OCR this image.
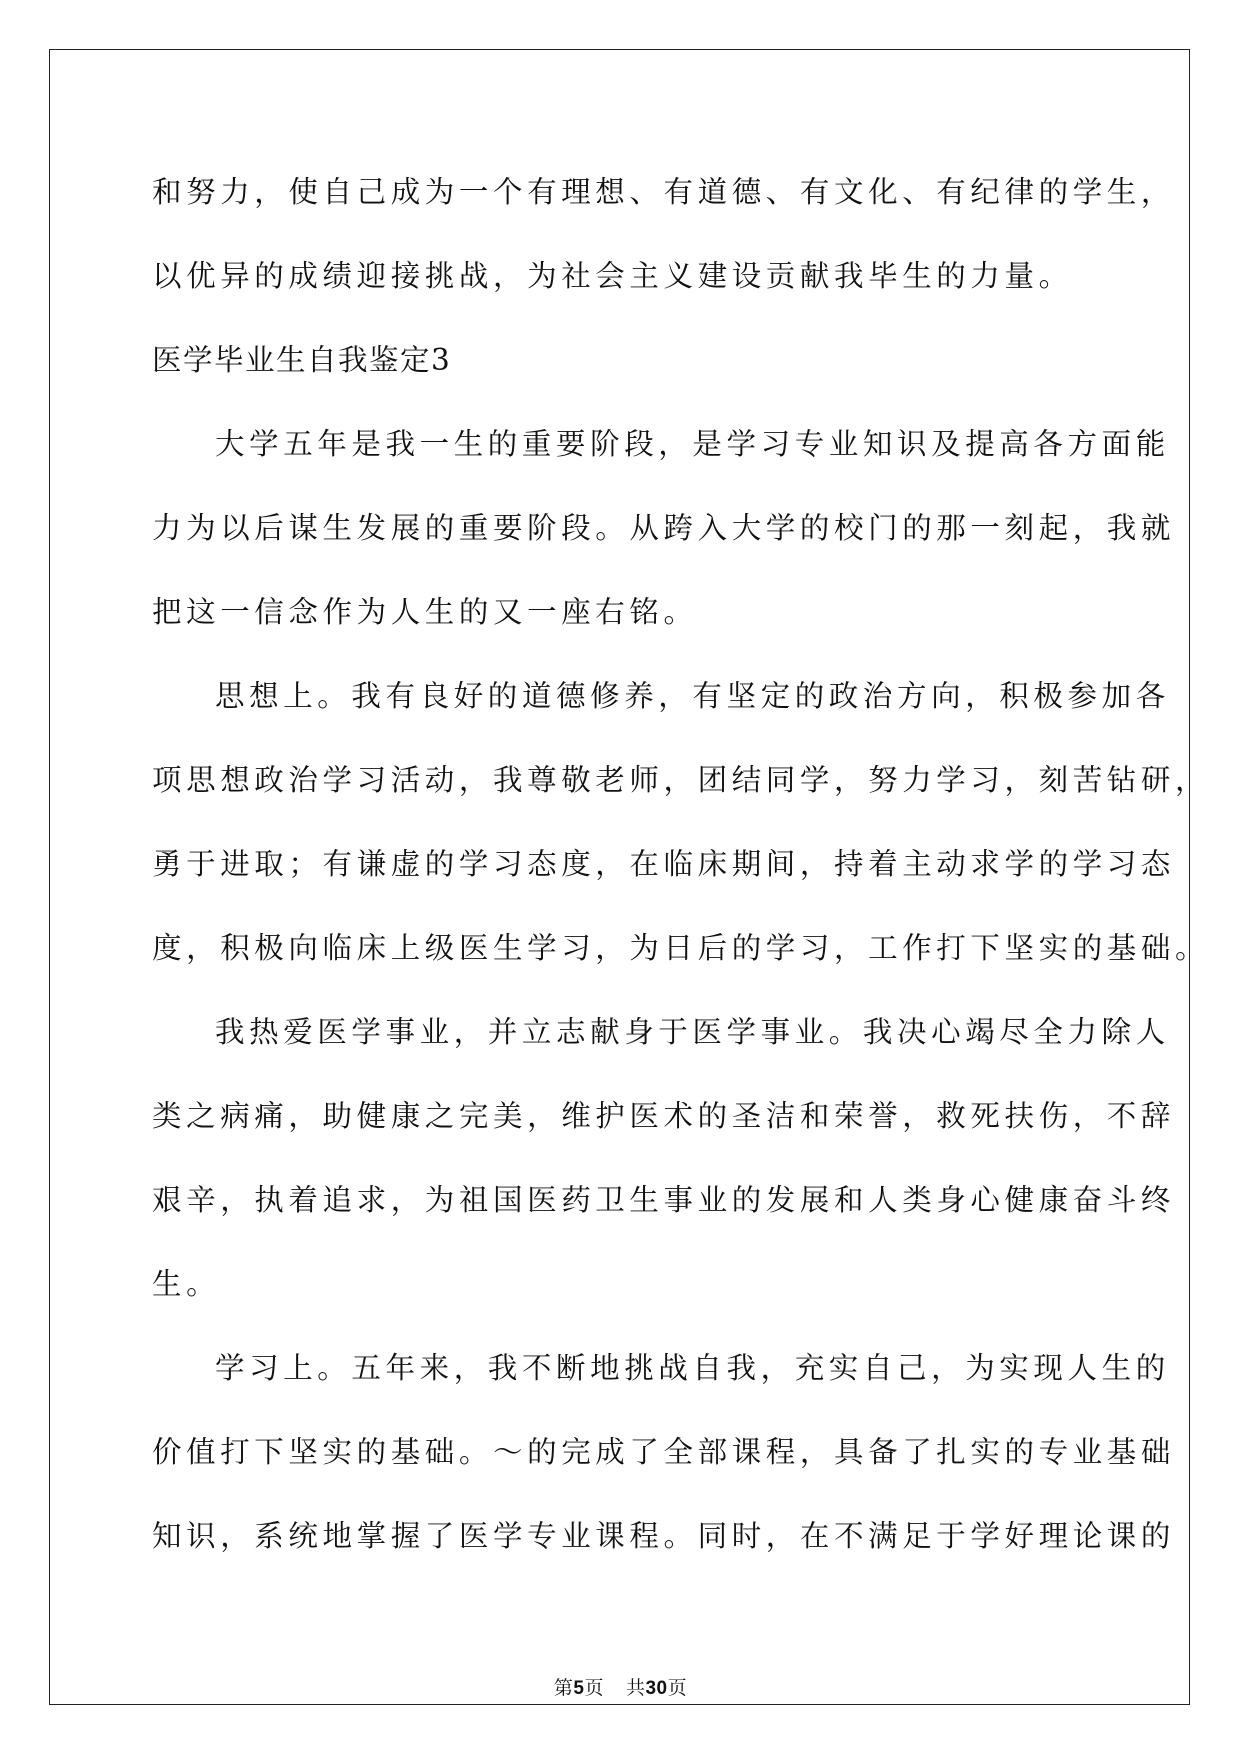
和努力，使自己成为一个有理想、有道德、有文化、有纪律的学生，
以优异的成绩迎接挑战，为社会主义建设贡献我毕生的力量。
医学毕业生自我鉴定3
大学五年是我一生的重要阶段，是学习专业知识及提高各方面能
力为以后谋生发展的重要阶段。从跨入大学的校门的那一刻起，我就
把这一信念作为人生的又一座右铭。
思想上。我有良好的道德修养，有坚定的政治方向，积极参加各
项思想政治学习活动，我尊敬老师，团结同学，努力学习，刻苦钻研，
勇于进取；有谦虚的学习态度，在临床期间，持着主动求学的学习态
度，积极向临床上级医生学习，为日后的学习，工作打下坚实的基础。
我热爱医学事业，并立志献身于医学事业。我决心竭尽全力除人
类之病痛，助健康之完美，维护医术的圣洁和荣誉，救死扶伤，不辞
艰辛，执着追求，为祖国医药卫生事业的发展和人类身心健康奋斗终
生。
学习上。五年来，我不断地挑战自我，充实自己，为实现人生的
价值打下坚实的基础。～的完成了全部课程，具备了扎实的专业基础
知识，系统地掌握了医学专业课程。同时，在不满足于学好理论课的
第5页 共30页
